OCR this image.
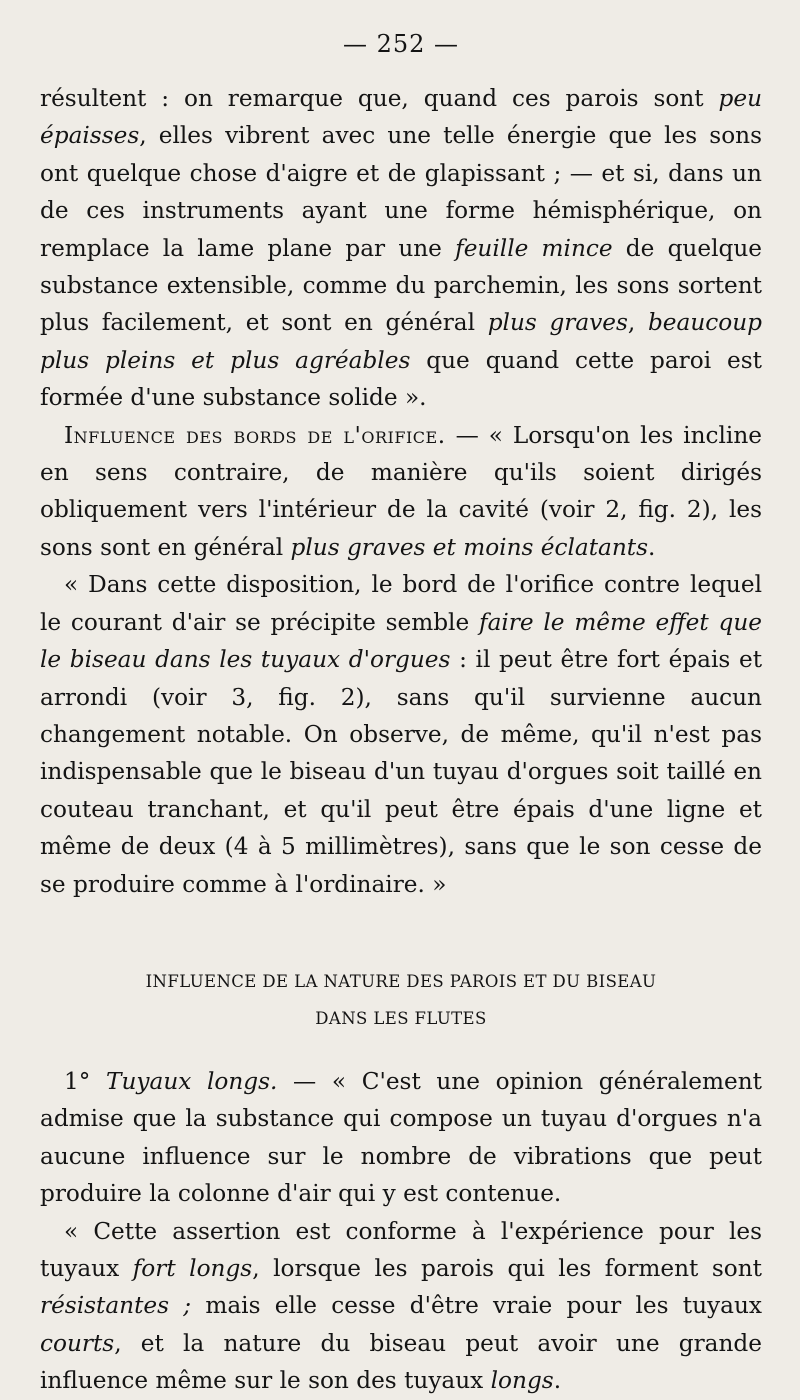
— 252 —

résultent : on remarque que, quand ces parois sont peu épaisses, elles vibrent avec une telle énergie que les sons ont quelque chose d'aigre et de glapissant ; — et si, dans un de ces instruments ayant une forme hémisphérique, on remplace la lame plane par une feuille mince de quelque substance extensible, comme du parchemin, les sons sortent plus facilement, et sont en général plus graves, beaucoup plus pleins et plus agréables que quand cette paroi est formée d'une substance solide ».

Influence des bords de l'orifice. — « Lorsqu'on les incline en sens contraire, de manière qu'ils soient dirigés obliquement vers l'intérieur de la cavité (voir 2, fig. 2), les sons sont en général plus graves et moins éclatants.

« Dans cette disposition, le bord de l'orifice contre lequel le courant d'air se précipite semble faire le même effet que le biseau dans les tuyaux d'orgues : il peut être fort épais et arrondi (voir 3, fig. 2), sans qu'il survienne aucun changement notable. On observe, de même, qu'il n'est pas indispensable que le biseau d'un tuyau d'orgues soit taillé en couteau tranchant, et qu'il peut être épais d'une ligne et même de deux (4 à 5 millimètres), sans que le son cesse de se produire comme à l'ordinaire. »

INFLUENCE DE LA NATURE DES PAROIS ET DU BISEAU
DANS LES FLUTES

1° Tuyaux longs. — « C'est une opinion généralement admise que la substance qui compose un tuyau d'orgues n'a aucune influence sur le nombre de vibrations que peut produire la colonne d'air qui y est contenue.

« Cette assertion est conforme à l'expérience pour les tuyaux fort longs, lorsque les parois qui les forment sont résistantes ; mais elle cesse d'être vraie pour les tuyaux courts, et la nature du biseau peut avoir une grande influence même sur le son des tuyaux longs.
